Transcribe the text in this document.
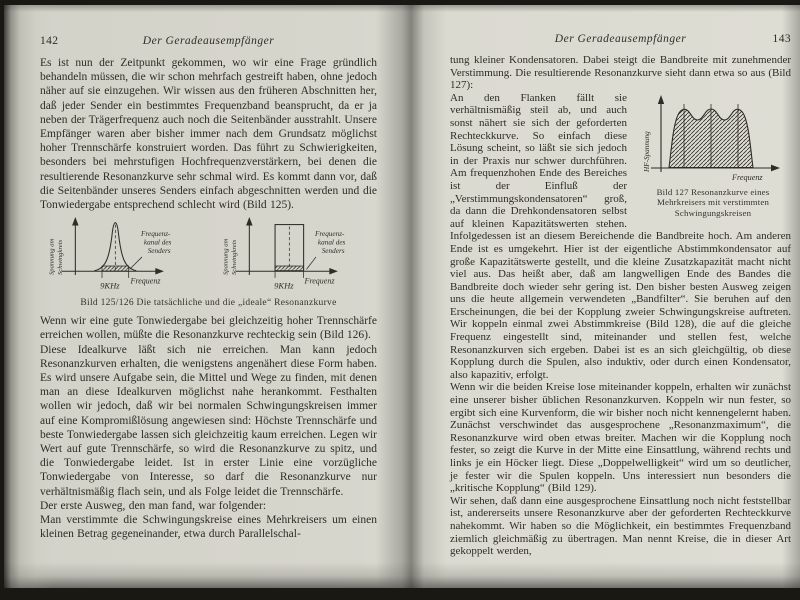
142	Der Geradeausempfänger

Es ist nun der Zeitpunkt gekommen, wo wir eine Frage gründlich behandeln müssen, die wir schon mehrfach gestreift haben, ohne jedoch näher auf sie einzugehen. Wir wissen aus den früheren Abschnitten her, daß jeder Sender ein bestimmtes Frequenzband beansprucht, da er ja neben der Trägerfrequenz auch noch die Seitenbänder ausstrahlt. Unsere Empfänger waren aber bisher immer nach dem Grundsatz möglichst hoher Trennschärfe konstruiert worden. Das führt zu Schwierigkeiten, besonders bei mehrstufigen Hochfrequenzverstärkern, bei denen die resultierende Resonanzkurve sehr schmal wird. Es kommt dann vor, daß die Seitenbänder unseres Senders einfach abgeschnitten werden und die Tonwiedergabe entsprechend schlecht wird (Bild 125).

Spannung am Schwingkreis
9KHz
Frequenz-
kanal des
Senders
Frequenz
Spannung am Schwingkreis
9KHz
Frequenz-
kanal des
Senders
Frequenz
Bild 125/126 Die tatsächliche und die „ideale“ Resonanzkurve

Wenn wir eine gute Tonwiedergabe bei gleichzeitig hoher Trennschärfe erreichen wollen, müßte die Resonanzkurve rechteckig sein (Bild 126).

Diese Idealkurve läßt sich nie erreichen. Man kann jedoch Resonanzkurven erhalten, die wenigstens angenähert diese Form haben. Es wird unsere Aufgabe sein, die Mittel und Wege zu finden, mit denen man an diese Idealkurven möglichst nahe herankommt. Festhalten wollen wir jedoch, daß wir bei normalen Schwingungskreisen immer auf eine Kompromißlösung angewiesen sind: Höchste Trennschärfe und beste Tonwiedergabe lassen sich gleichzeitig kaum erreichen. Legen wir Wert auf gute Trennschärfe, so wird die Resonanzkurve zu spitz, und die Tonwiedergabe leidet. Ist in erster Linie eine vorzügliche Tonwiedergabe von Interesse, so darf die Resonanzkurve nur verhältnismäßig flach sein, und als Folge leidet die Trennschärfe.

Der erste Ausweg, den man fand, war folgender:

Man verstimmte die Schwingungskreise eines Mehrkreisers um einen kleinen Betrag gegeneinander, etwa durch Parallelschal-

Der Geradeausempfänger	143

tung kleiner Kondensatoren. Dabei steigt die Bandbreite mit zunehmender Verstimmung. Die resultierende Resonanzkurve sieht dann etwa so aus (Bild 127):

HF-Spannung
Frequenz
Bild 127 Resonanzkurve eines Mehrkreisers mit verstimmten Schwingungskreisen

An den Flanken fällt sie verhältnismäßig steil ab, und auch sonst nähert sie sich der geforderten Rechteckkurve. So einfach diese Lösung scheint, so läßt sie sich jedoch in der Praxis nur schwer durchführen. Am frequenzhohen Ende des Bereiches ist der Einfluß der „Verstimmungskondensatoren“ groß, da dann die Drehkondensatoren selbst auf kleinen Kapazitätswerten stehen. Infolgedessen ist an diesem Bereichende die Bandbreite hoch. Am anderen Ende ist es umgekehrt. Hier ist der eigentliche Abstimmkondensator auf große Kapazitätswerte gestellt, und die kleine Zusatzkapazität macht nicht viel aus. Das heißt aber, daß am langwelligen Ende des Bandes die Bandbreite doch wieder sehr gering ist. Den bisher besten Ausweg zeigen uns die heute allgemein verwendeten „Bandfilter“. Sie beruhen auf den Erscheinungen, die bei der Kopplung zweier Schwingungskreise auftreten. Wir koppeln einmal zwei Abstimmkreise (Bild 128), die auf die gleiche Frequenz eingestellt sind, miteinander und stellen fest, welche Resonanzkurven sich ergeben. Dabei ist es an sich gleichgültig, ob diese Kopplung durch die Spulen, also induktiv, oder durch einen Kondensator, also kapazitiv, erfolgt.

Wenn wir die beiden Kreise lose miteinander koppeln, erhalten wir zunächst eine unserer bisher üblichen Resonanzkurven. Koppeln wir nun fester, so ergibt sich eine Kurvenform, die wir bisher noch nicht kennengelernt haben. Zunächst verschwindet das ausgesprochene „Resonanzmaximum“, die Resonanzkurve wird oben etwas breiter. Machen wir die Kopplung noch fester, so zeigt die Kurve in der Mitte eine Einsattlung, während rechts und links je ein Höcker liegt. Diese „Doppelwelligkeit“ wird um so deutlicher, je fester wir die Spulen koppeln. Uns interessiert nun besonders die „kritische Kopplung“ (Bild 129).

Wir sehen, daß dann eine ausgesprochene Einsattlung noch nicht feststellbar ist, andererseits unsere Resonanzkurve aber der geforderten Rechteckkurve nahekommt. Wir haben so die Möglichkeit, ein bestimmtes Frequenzband ziemlich gleichmäßig zu übertragen. Man nennt Kreise, die in dieser Art gekoppelt werden,
